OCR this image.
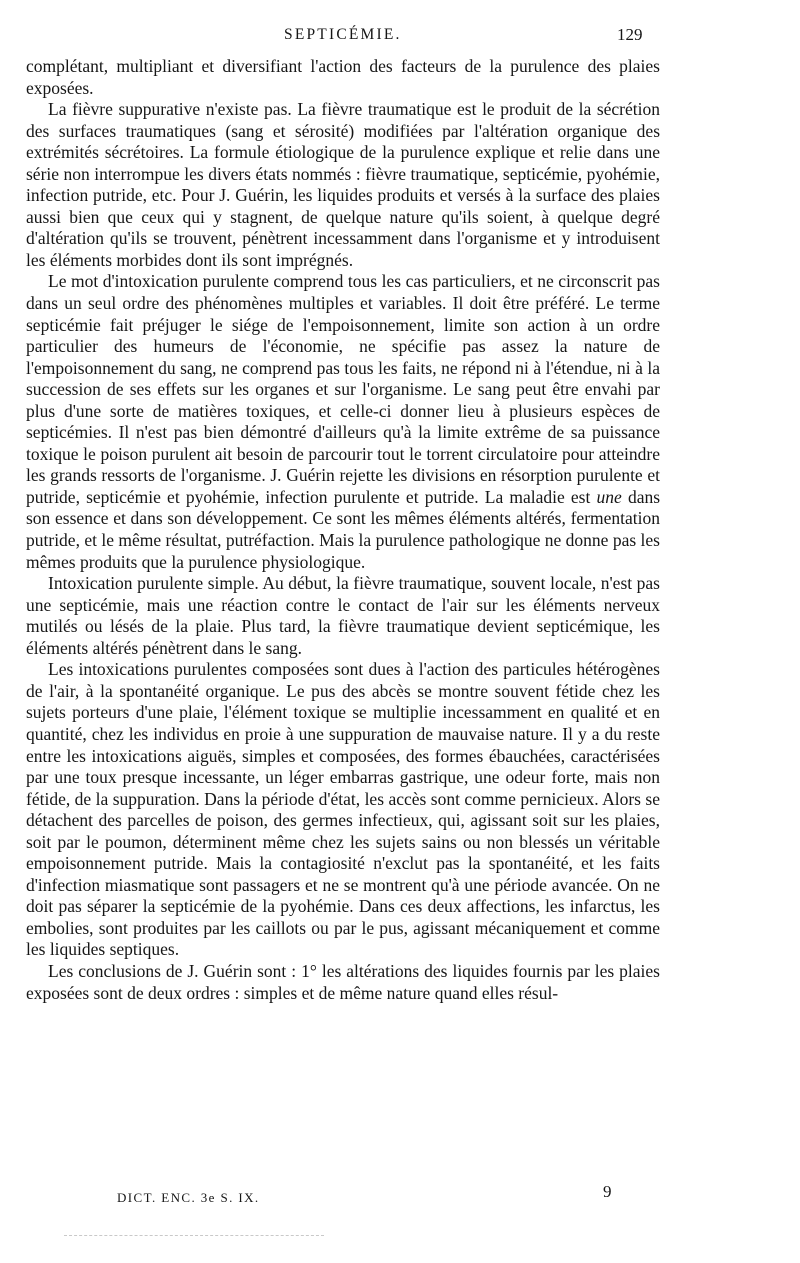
SEPTICÉMIE.	129

complétant, multipliant et diversifiant l'action des facteurs de la purulence des plaies exposées.

La fièvre suppurative n'existe pas. La fièvre traumatique est le produit de la sécrétion des surfaces traumatiques (sang et sérosité) modifiées par l'altération organique des extrémités sécrétoires. La formule étiologique de la purulence explique et relie dans une série non interrompue les divers états nommés : fièvre traumatique, septicémie, pyohémie, infection putride, etc. Pour J. Guérin, les liquides produits et versés à la surface des plaies aussi bien que ceux qui y stagnent, de quelque nature qu'ils soient, à quelque degré d'altération qu'ils se trouvent, pénètrent incessamment dans l'organisme et y introduisent les éléments morbides dont ils sont imprégnés.

Le mot d'intoxication purulente comprend tous les cas particuliers, et ne circonscrit pas dans un seul ordre des phénomènes multiples et variables. Il doit être préféré. Le terme septicémie fait préjuger le siége de l'empoisonnement, limite son action à un ordre particulier des humeurs de l'économie, ne spécifie pas assez la nature de l'empoisonnement du sang, ne comprend pas tous les faits, ne répond ni à l'étendue, ni à la succession de ses effets sur les organes et sur l'organisme. Le sang peut être envahi par plus d'une sorte de matières toxiques, et celle-ci donner lieu à plusieurs espèces de septicémies. Il n'est pas bien démontré d'ailleurs qu'à la limite extrême de sa puissance toxique le poison purulent ait besoin de parcourir tout le torrent circulatoire pour atteindre les grands ressorts de l'organisme. J. Guérin rejette les divisions en résorption purulente et putride, septicémie et pyohémie, infection purulente et putride. La maladie est une dans son essence et dans son développement. Ce sont les mêmes éléments altérés, fermentation putride, et le même résultat, putréfaction. Mais la purulence pathologique ne donne pas les mêmes produits que la purulence physiologique.

Intoxication purulente simple. Au début, la fièvre traumatique, souvent locale, n'est pas une septicémie, mais une réaction contre le contact de l'air sur les éléments nerveux mutilés ou lésés de la plaie. Plus tard, la fièvre traumatique devient septicémique, les éléments altérés pénètrent dans le sang.

Les intoxications purulentes composées sont dues à l'action des particules hétérogènes de l'air, à la spontanéité organique. Le pus des abcès se montre souvent fétide chez les sujets porteurs d'une plaie, l'élément toxique se multiplie incessamment en qualité et en quantité, chez les individus en proie à une suppuration de mauvaise nature. Il y a du reste entre les intoxications aiguës, simples et composées, des formes ébauchées, caractérisées par une toux presque incessante, un léger embarras gastrique, une odeur forte, mais non fétide, de la suppuration. Dans la période d'état, les accès sont comme pernicieux. Alors se détachent des parcelles de poison, des germes infectieux, qui, agissant soit sur les plaies, soit par le poumon, déterminent même chez les sujets sains ou non blessés un véritable empoisonnement putride. Mais la contagiosité n'exclut pas la spontanéité, et les faits d'infection miasmatique sont passagers et ne se montrent qu'à une période avancée. On ne doit pas séparer la septicémie de la pyohémie. Dans ces deux affections, les infarctus, les embolies, sont produites par les caillots ou par le pus, agissant mécaniquement et comme les liquides septiques.

Les conclusions de J. Guérin sont : 1° les altérations des liquides fournis par les plaies exposées sont de deux ordres : simples et de même nature quand elles résul-

DICT. ENC. 3e S. IX.	9
